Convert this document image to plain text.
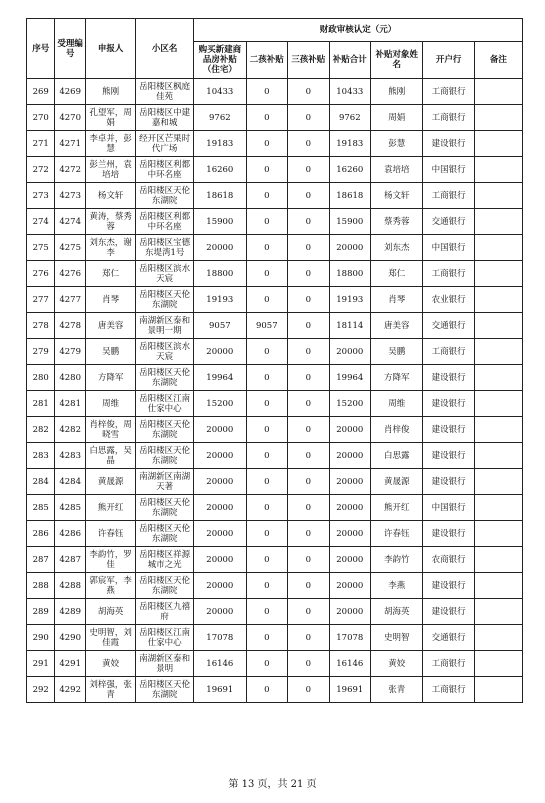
序号	受理编号	申报人	小区名	财政审核认定（元）						
				购买新建商品房补贴（住宅）	二孩补贴	三孩补贴	补贴合计	补贴对象姓名	开户行	备注
269	4269	熊刚	岳阳楼区枫庭佳苑	10433	0	0	10433	熊刚	工商银行	
270	4270	孔望军，周娟	岳阳楼区中建嘉和城	9762	0	0	9762	周娟	工商银行	
271	4271	李卓并，彭慧	经开区芒果时代广场	19183	0	0	19183	彭慧	建设银行	
272	4272	彭兰州，袁培培	岳阳楼区利都中环名座	16260	0	0	16260	袁培培	中国银行	
273	4273	杨文轩	岳阳楼区天伦东湖院	18618	0	0	18618	杨文轩	工商银行	
274	4274	黄涛，蔡秀蓉	岳阳楼区利都中环名座	15900	0	0	15900	蔡秀蓉	交通银行	
275	4275	刘东杰，谢李	岳阳楼区宝德东堤湾1号	20000	0	0	20000	刘东杰	中国银行	
276	4276	郑仁	岳阳楼区滨水天宸	18800	0	0	18800	郑仁	工商银行	
277	4277	肖琴	岳阳楼区天伦东湖院	19193	0	0	19193	肖琴	农业银行	
278	4278	唐美容	南湖新区泰和景明一期	9057	9057	0	18114	唐美容	交通银行	
279	4279	吴鹏	岳阳楼区滨水天宸	20000	0	0	20000	吴鹏	工商银行	
280	4280	方降军	岳阳楼区天伦东湖院	19964	0	0	19964	方降军	建设银行	
281	4281	周维	岳阳楼区江南仕家中心	15200	0	0	15200	周维	建设银行	
282	4282	肖梓俊，周晓雪	岳阳楼区天伦东湖院	20000	0	0	20000	肖梓俊	建设银行	
283	4283	白思露，吴晶	岳阳楼区天伦东湖院	20000	0	0	20000	白思露	建设银行	
284	4284	黄晟源	南湖新区南湖天著	20000	0	0	20000	黄晟源	建设银行	
285	4285	熊开红	岳阳楼区天伦东湖院	20000	0	0	20000	熊开红	中国银行	
286	4286	许春钰	岳阳楼区天伦东湖院	20000	0	0	20000	许春钰	建设银行	
287	4287	李韵竹，罗佳	岳阳楼区祥源城市之光	20000	0	0	20000	李韵竹	农商银行	
288	4288	郭宸军，李燕	岳阳楼区天伦东湖院	20000	0	0	20000	李燕	建设银行	
289	4289	胡海英	岳阳楼区九禧府	20000	0	0	20000	胡海英	建设银行	
290	4290	史明智，刘佳霞	岳阳楼区江南仕家中心	17078	0	0	17078	史明智	交通银行	
291	4291	黄姣	南湖新区泰和景明	16146	0	0	16146	黄姣	工商银行	
292	4292	刘梓强，张青	岳阳楼区天伦东湖院	19691	0	0	19691	张青	工商银行	
第 13 页，共 21 页
